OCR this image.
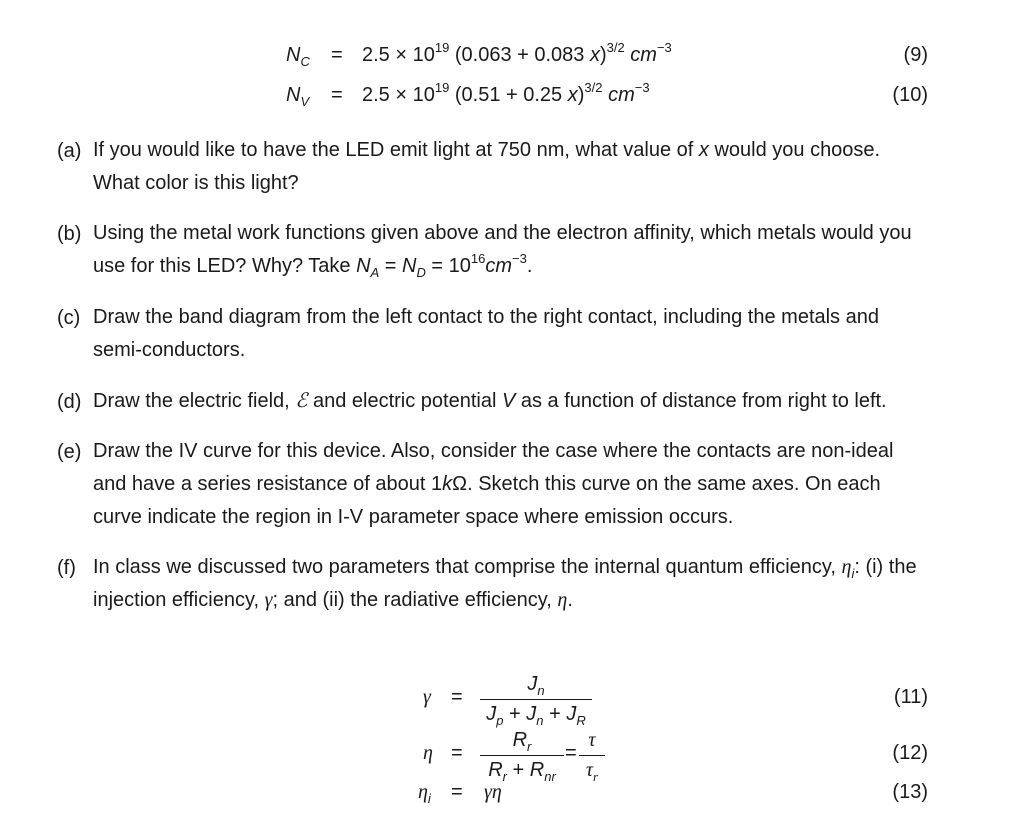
$N_C = 2.5 \times 10^{19}$ (0.063 + 0.083 x)$^{3/2}$ $cm^{-3}$	(9)
$N_V = 2.5 \times 10^{19}$ (0.51 + 0.25 x)$^{3/2}$ $cm^{-3}$	(10)
(a) If you would like to have the LED emit light at 750 nm, what value of x would you choose. What color is this light?
(b) Using the metal work functions given above and the electron affinity, which metals would you use for this LED? Why? Take $N_A = N_D = 10^{16}cm^{-3}$.
(c) Draw the band diagram from the left contact to the right contact, including the metals and semi-conductors.
(d) Draw the electric field, ℰ and electric potential V as a function of distance from right to left.
(e) Draw the IV curve for this device. Also, consider the case where the contacts are non-ideal and have a series resistance of about 1kΩ. Sketch this curve on the same axes. On each curve indicate the region in I-V parameter space where emission occurs.
(f) In class we discussed two parameters that comprise the internal quantum efficiency, $\eta_i$: (i) the injection efficiency, γ; and (ii) the radiative efficiency, η.
$\gamma = \frac{J_n}{J_p + J_n + J_R}$	(11)
η =
$R_r$
$R_r + R_{nr}$
= $\frac{\tau}{\tau_r}$	(12)
$\eta_i = \gamma\eta$	(13)
